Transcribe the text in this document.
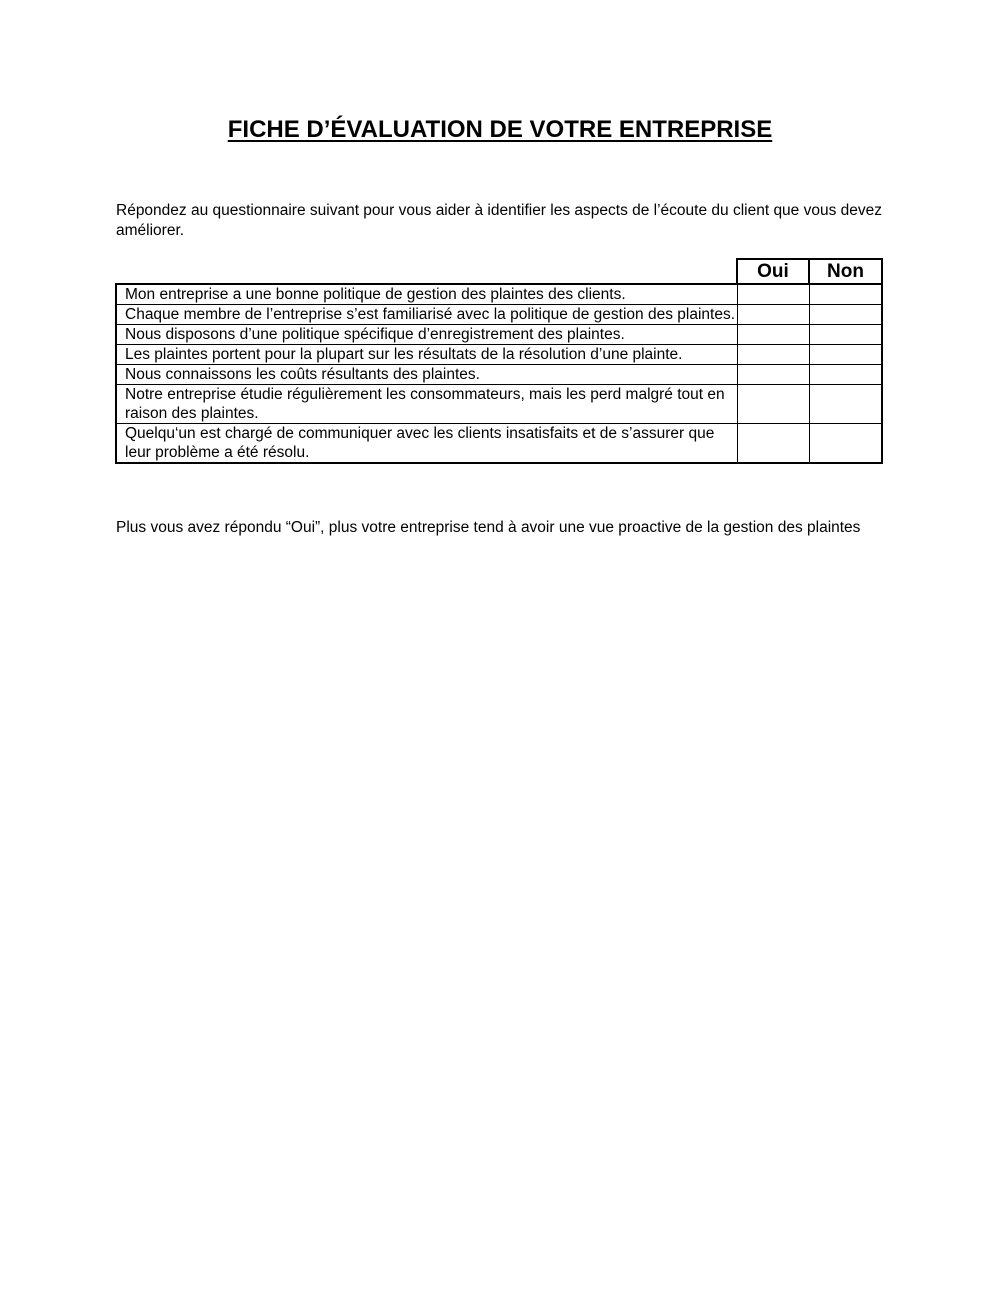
FICHE D’ÉVALUATION DE VOTRE ENTREPRISE

Répondez au questionnaire suivant pour vous aider à identifier les aspects de l’écoute du client que vous devez améliorer.

	Oui	Non
Mon entreprise a une bonne politique de gestion des plaintes des clients.		
Chaque membre de l’entreprise s’est familiarisé avec la politique de gestion des plaintes.		
Nous disposons d’une politique spécifique d’enregistrement des plaintes.		
Les plaintes portent pour la plupart sur les résultats de la résolution d’une plainte.		
Nous connaissons les coûts résultants des plaintes.		
Notre entreprise étudie régulièrement les consommateurs, mais les perd malgré tout en raison des plaintes.		
Quelqu‘un est chargé de communiquer avec les clients insatisfaits et de s’assurer que leur problème a été résolu.		

Plus vous avez répondu “Oui”, plus votre entreprise tend à avoir une vue proactive de la gestion des plaintes
